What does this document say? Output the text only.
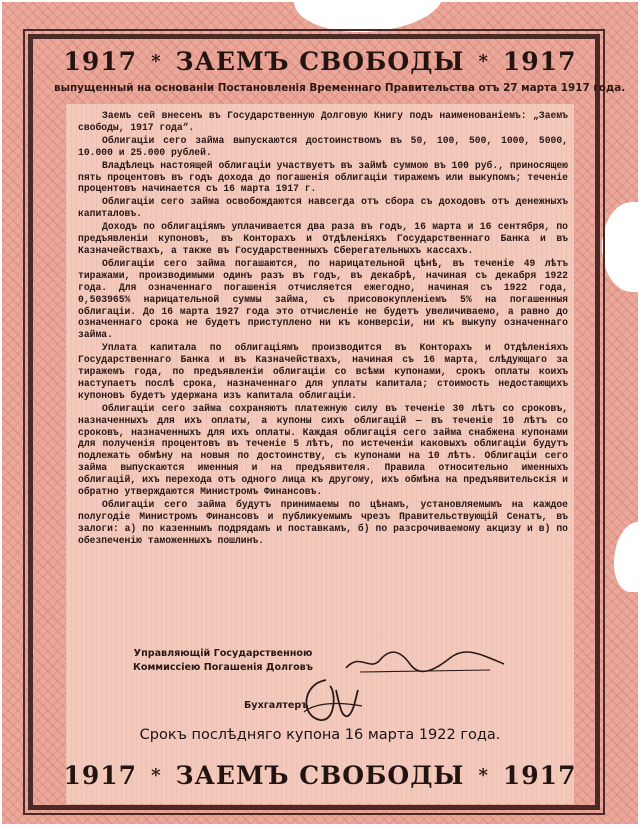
1917 * ЗАЕМЪ СВОБОДЫ * 1917
выпущенный на основаніи Постановленія Временнаго Правительства отъ 27 марта 1917 года.

Заемъ сей внесенъ въ Государственную Долговую Книгу подъ наименованіемъ: „Заемъ свободы, 1917 года“.

Облигаціи сего займа выпускаются достоинствомъ въ 50, 100, 500, 1000, 5000, 10.000 и 25.000 рублей.

Владѣлецъ настоящей облигаціи участвуетъ въ займѣ суммою въ 100 руб., приносящею пять процентовъ въ годъ дохода до погашенія облигаціи тиражемъ или выкупомъ; теченіе процентовъ начинается съ 16 марта 1917 г.

Облигаціи сего займа освобождаются навсегда отъ сбора съ доходовъ отъ денежныхъ капиталовъ.

Доходъ по облигаціямъ уплачивается два раза въ годъ, 16 марта и 16 сентября, по предъявленіи купоновъ, въ Конторахъ и Отдѣленіяхъ Государственнаго Банка и въ Казначействахъ, а также въ Государственныхъ Сберегательныхъ кассахъ.

Облигаціи сего займа погашаются, по нарицательной цѣнѣ, въ теченіе 49 лѣтъ тиражами, производимыми одинъ разъ въ годъ, въ декабрѣ, начиная съ декабря 1922 года. Для означеннаго погашенія отчисляется ежегодно, начиная съ 1922 года, 0,503965% нарицательной суммы займа, съ присовокупленіемъ 5% на погашенныя облигаціи. До 16 марта 1927 года это отчисленіе не будетъ увеличиваемо, а равно до означеннаго срока не будетъ приступлено ни къ конверсіи, ни къ выкупу означеннаго займа.

Уплата капитала по облигаціямъ производится въ Конторахъ и Отдѣленіяхъ Государственнаго Банка и въ Казначействахъ, начиная съ 16 марта, слѣдующаго за тиражемъ года, по предъявленіи облигаціи со всѣми купонами, срокъ оплаты коихъ наступаетъ послѣ срока, назначеннаго для уплаты капитала; стоимость недостающихъ купоновъ будетъ удержана изъ капитала облигаціи.

Облигаціи сего займа сохраняютъ платежную силу въ теченіе 30 лѣтъ со сроковъ, назначенныхъ для ихъ оплаты, а купоны сихъ облигацій — въ теченіе 10 лѣтъ со сроковъ, назначенныхъ для ихъ оплаты. Каждая облигація сего займа снабжена купонами для полученія процентовъ въ теченіе 5 лѣтъ, по истеченіи каковыхъ облигаціи будутъ подлежать обмѣну на новыя по достоинству, съ купонами на 10 лѣтъ. Облигаціи сего займа выпускаются именныя и на предъявителя. Правила относительно именныхъ облигацій, ихъ перехода отъ одного лица къ другому, ихъ обмѣна на предъявительскія и обратно утверждаются Министромъ Финансовъ.

Облигаціи сего займа будутъ принимаемы по цѣнамъ, установляемымъ на каждое полугодіе Министромъ Финансовъ и публикуемымъ чрезъ Правительствующій Сенатъ, въ залоги: а) по казеннымъ подрядамъ и поставкамъ, б) по разсрочиваемому акцизу и в) по обезпеченію таможенныхъ пошлинъ.

Управляющій Государственною
Коммиссіею Погашенія Долговъ
Бухгалтеръ
Срокъ послѣдняго купона 16 марта 1922 года.
1917 * ЗАЕМЪ СВОБОДЫ * 1917
